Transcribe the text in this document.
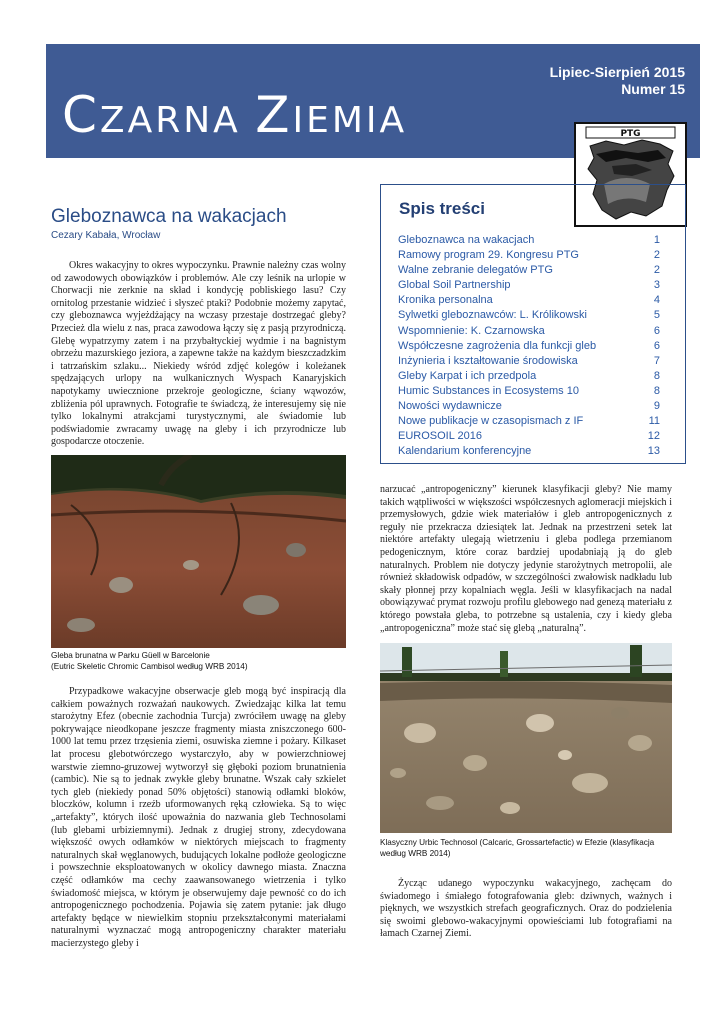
CZARNA ZIEMIA
Lipiec-Sierpień 2015
Numer 15
PTG
Spis treści
Gleboznawca na wakacjach	1
Ramowy program 29. Kongresu PTG	2
Walne zebranie delegatów PTG	2
Global Soil Partnership	3
Kronika personalna	4
Sylwetki gleboznawców: L. Królikowski	5
Wspomnienie: K. Czarnowska	6
Współczesne zagrożenia dla funkcji gleb	6
Inżynieria i kształtowanie środowiska	7
Gleby Karpat i ich przedpola	8
Humic Substances in Ecosystems 10	8
Nowości wydawnicze	9
Nowe publikacje w czasopismach z IF	11
EUROSOIL 2016	12
Kalendarium konferencyjne	13
Gleboznawca na wakacjach
Cezary Kabała, Wrocław

Okres wakacyjny to okres wypoczynku. Prawnie należny czas wolny od zawodowych obowiązków i problemów. Ale czy leśnik na urlopie w Chorwacji nie zerknie na skład i kondycję pobliskiego lasu? Czy ornitolog przestanie widzieć i słyszeć ptaki? Podobnie możemy zapytać, czy gleboznawca wyjeżdżający na wczasy przestaje dostrzegać gleby? Przecież dla wielu z nas, praca zawodowa łączy się z pasją przyrodniczą. Glebę wypatrzymy zatem i na przybałtyckiej wydmie i na bagnistym obrzeżu mazurskiego jeziora, a zapewne także na każdym bieszczadzkim i tatrzańskim szlaku... Niekiedy wśród zdjęć kolegów i koleżanek spędzających urlopy na wulkanicznych Wyspach Kanaryjskich napotykamy uwiecznione przekroje geologiczne, ściany wąwozów, zbliżenia pól uprawnych. Fotografie te świadczą, że interesujemy się nie tylko lokalnymi atrakcjami turystycznymi, ale świadomie lub podświadomie zwracamy uwagę na gleby i ich przyrodnicze lub gospodarcze otoczenie.

Gleba brunatna w Parku Güell w Barcelonie
(Eutric Skeletic Chromic Cambisol według WRB 2014)

Przypadkowe wakacyjne obserwacje gleb mogą być inspiracją dla całkiem poważnych rozważań naukowych. Zwiedzając kilka lat temu starożytny Efez (obecnie zachodnia Turcja) zwróciłem uwagę na gleby pokrywające nieodkopane jeszcze fragmenty miasta zniszczonego 600-1000 lat temu przez trzęsienia ziemi, osuwiska ziemne i pożary. Kilkaset lat procesu glebotwórczego wystarczyło, aby w powierzchniowej warstwie ziemno-gruzowej wytworzył się głęboki poziom brunatnienia (cambic). Nie są to jednak zwykłe gleby brunatne. Wszak cały szkielet tych gleb (niekiedy ponad 50% objętości) stanowią odłamki bloków, bloczków, kolumn i rzeźb uformowanych ręką człowieka. Są to więc „artefakty”, których ilość upoważnia do nazwania gleb Technosolami (lub glebami urbiziemnymi). Jednak z drugiej strony, zdecydowana większość owych odłamków w niektórych miejscach to fragmenty naturalnych skał węglanowych, budujących lokalne podłoże geologiczne i powszechnie eksploatowanych w okolicy dawnego miasta. Znaczna część odłamków ma cechy zaawansowanego wietrzenia i tylko świadomość miejsca, w którym je obserwujemy daje pewność co do ich antropogenicznego pochodzenia. Pojawia się zatem pytanie: jak długo artefakty będące w niewielkim stopniu przekształconymi materiałami naturalnymi wyznaczać mogą antropogeniczny charakter materiału macierzystego gleby i

narzucać „antropogeniczny” kierunek klasyfikacji gleby? Nie mamy takich wątpliwości w większości współczesnych aglomeracji miejskich i przemysłowych, gdzie wiek materiałów i gleb antropogenicznych z reguły nie przekracza dziesiątek lat. Jednak na przestrzeni setek lat niektóre artefakty ulegają wietrzeniu i gleba podlega przemianom pedogenicznym, które coraz bardziej upodabniają ją do gleb naturalnych. Problem nie dotyczy jedynie starożytnych metropolii, ale również składowisk odpadów, w szczególności zwałowisk nadkładu lub skały płonnej przy kopalniach węgla. Jeśli w klasyfikacjach na nadal obowiązywać prymat rozwoju profilu glebowego nad genezą materiału z którego powstała gleba, to potrzebne są ustalenia, czy i kiedy gleba „antropogeniczna” może stać się glebą „naturalną”.

Klasyczny Urbic Technosol (Calcaric, Grossartefactic) w Efezie (klasyfikacja
według WRB 2014)

Życząc udanego wypoczynku wakacyjnego, zachęcam do świadomego i śmiałego fotografowania gleb: dziwnych, ważnych i pięknych, we wszystkich strefach geograficznych. Oraz do podzielenia się swoimi glebowo-wakacyjnymi opowieściami lub fotografiami na łamach Czarnej Ziemi.
